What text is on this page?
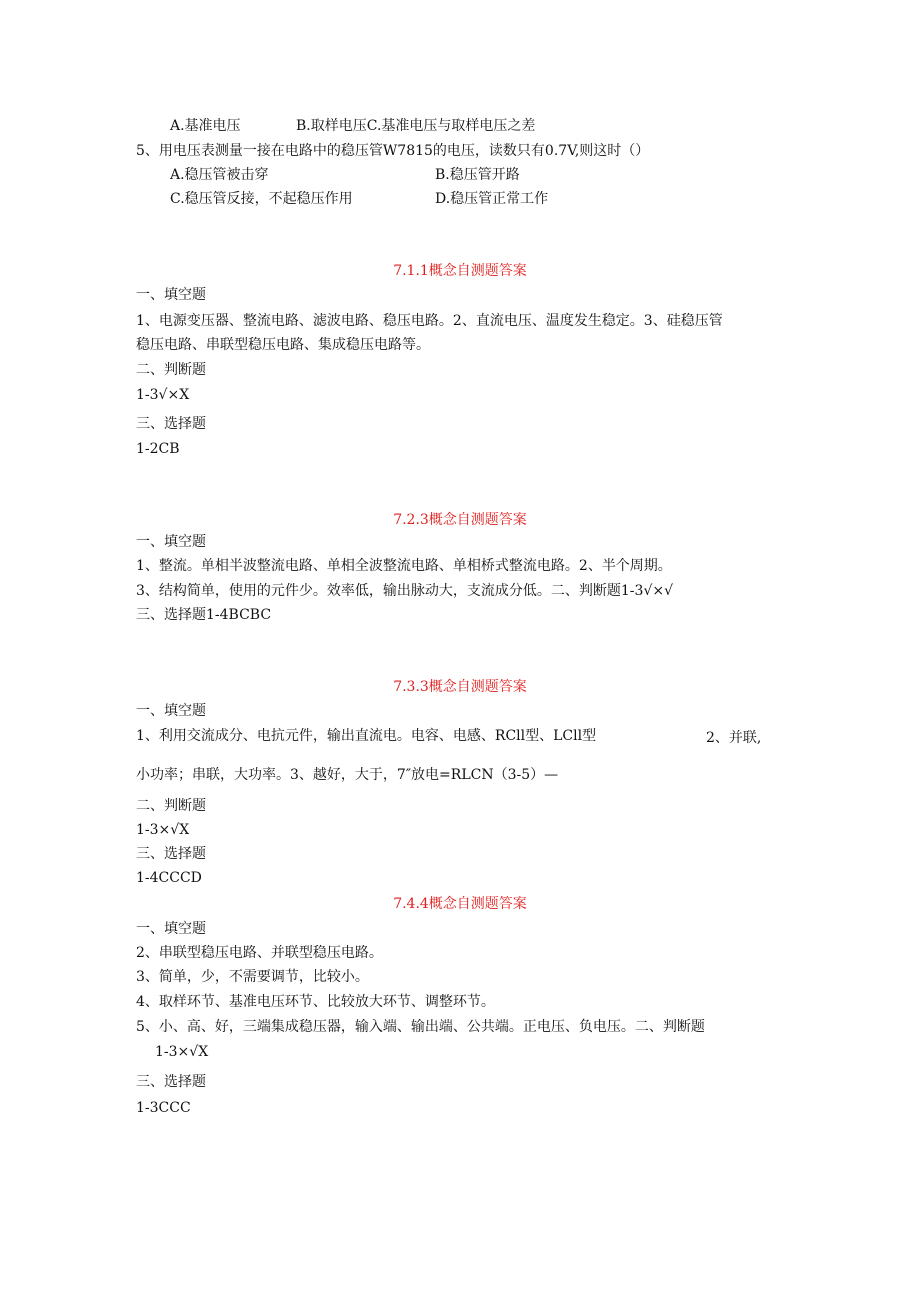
A.基准电压	B.取样电压C.基准电压与取样电压之差
5、用电压表测量一接在电路中的稳压管W7815的电压，读数只有0.7V,则这时（）
A.稳压管被击穿	B.稳压管开路
C.稳压管反接，不起稳压作用	D.稳压管正常工作
7.1.1概念自测题答案
一、填空题
1、电源变压器、整流电路、滤波电路、稳压电路。2、直流电压、温度发生稳定。3、硅稳压管
稳压电路、串联型稳压电路、集成稳压电路等。
二、判断题
1-3√×X
三、选择题
1-2CB
7.2.3概念自测题答案
一、填空题
1、整流。单相半波整流电路、单相全波整流电路、单相桥式整流电路。2、半个周期。
3、结构简单，使用的元件少。效率低，输出脉动大，支流成分低。二、判断题1-3√×√
三、选择题1-4BCBC
7.3.3概念自测题答案
一、填空题
1、利用交流成分、电抗元件，输出直流电。电容、电感、RCll型、LCll型	2、并联,
小功率；串联，大功率。3、越好，大于，7″放电=RLCN（3-5）—
二、判断题
1-3×√X
三、选择题
1-4CCCD
7.4.4概念自测题答案
一、填空题
2、串联型稳压电路、并联型稳压电路。
3、简单，少，不需要调节，比较小。
4、取样环节、基准电压环节、比较放大环节、调整环节。
5、小、高、好，三端集成稳压器，输入端、输出端、公共端。正电压、负电压。二、判断题
1-3×√X
三、选择题
1-3CCC
